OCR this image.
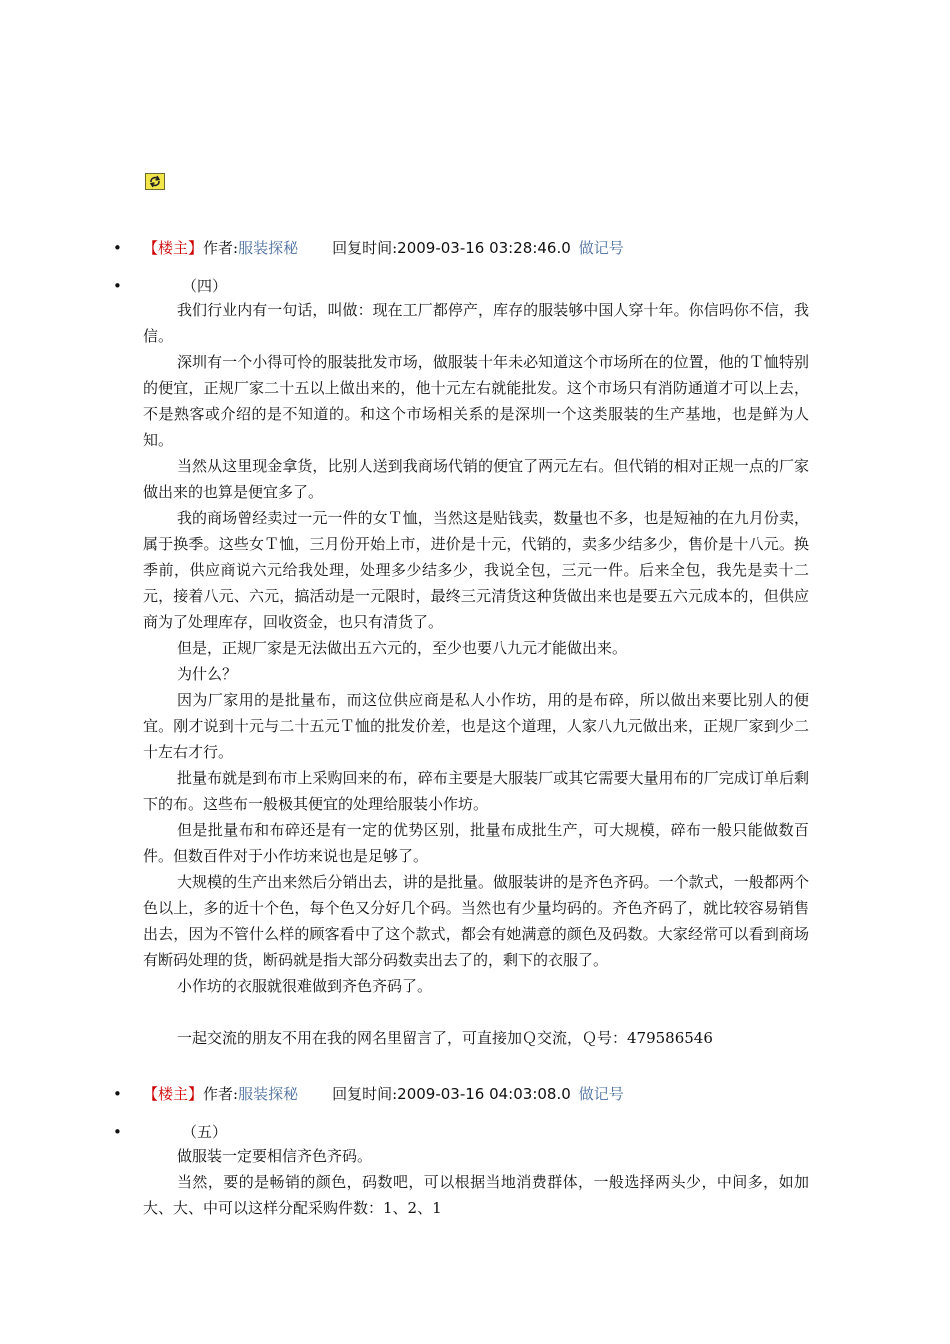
• 【楼主】作者:服装探秘 回复时间:2009-03-16 03:28:46.0 做记号
•	（四）

我们行业内有一句话，叫做：现在工厂都停产，库存的服装够中国人穿十年。你信吗你不信，我信。

深圳有一个小得可怜的服装批发市场，做服装十年未必知道这个市场所在的位置，他的Ｔ恤特别的便宜，正规厂家二十五以上做出来的，他十元左右就能批发。这个市场只有消防通道才可以上去，不是熟客或介绍的是不知道的。和这个市场相关系的是深圳一个这类服装的生产基地，也是鲜为人知。

当然从这里现金拿货，比别人送到我商场代销的便宜了两元左右。但代销的相对正规一点的厂家做出来的也算是便宜多了。

我的商场曾经卖过一元一件的女Ｔ恤，当然这是贴钱卖，数量也不多，也是短袖的在九月份卖，属于换季。这些女Ｔ恤，三月份开始上市，进价是十元，代销的，卖多少结多少，售价是十八元。换季前，供应商说六元给我处理，处理多少结多少，我说全包，三元一件。后来全包，我先是卖十二元，接着八元、六元，搞活动是一元限时，最终三元清货这种货做出来也是要五六元成本的，但供应商为了处理库存，回收资金，也只有清货了。

但是，正规厂家是无法做出五六元的，至少也要八九元才能做出来。

为什么？

因为厂家用的是批量布，而这位供应商是私人小作坊，用的是布碎，所以做出来要比别人的便宜。刚才说到十元与二十五元Ｔ恤的批发价差，也是这个道理，人家八九元做出来，正规厂家到少二十左右才行。

批量布就是到布市上采购回来的布，碎布主要是大服装厂或其它需要大量用布的厂完成订单后剩下的布。这些布一般极其便宜的处理给服装小作坊。

但是批量布和布碎还是有一定的优势区别，批量布成批生产，可大规模，碎布一般只能做数百件。但数百件对于小作坊来说也是足够了。

大规模的生产出来然后分销出去，讲的是批量。做服装讲的是齐色齐码。一个款式，一般都两个色以上，多的近十个色，每个色又分好几个码。当然也有少量均码的。齐色齐码了，就比较容易销售出去，因为不管什么样的顾客看中了这个款式，都会有她满意的颜色及码数。大家经常可以看到商场有断码处理的货，断码就是指大部分码数卖出去了的，剩下的衣服了。

小作坊的衣服就很难做到齐色齐码了。

一起交流的朋友不用在我的网名里留言了，可直接加Ｑ交流，Ｑ号：479586546

• 【楼主】作者:服装探秘 回复时间:2009-03-16 04:03:08.0 做记号
•	（五）

做服装一定要相信齐色齐码。

当然，要的是畅销的颜色，码数吧，可以根据当地消费群体，一般选择两头少，中间多，如加大、大、中可以这样分配采购件数：1、2、1
